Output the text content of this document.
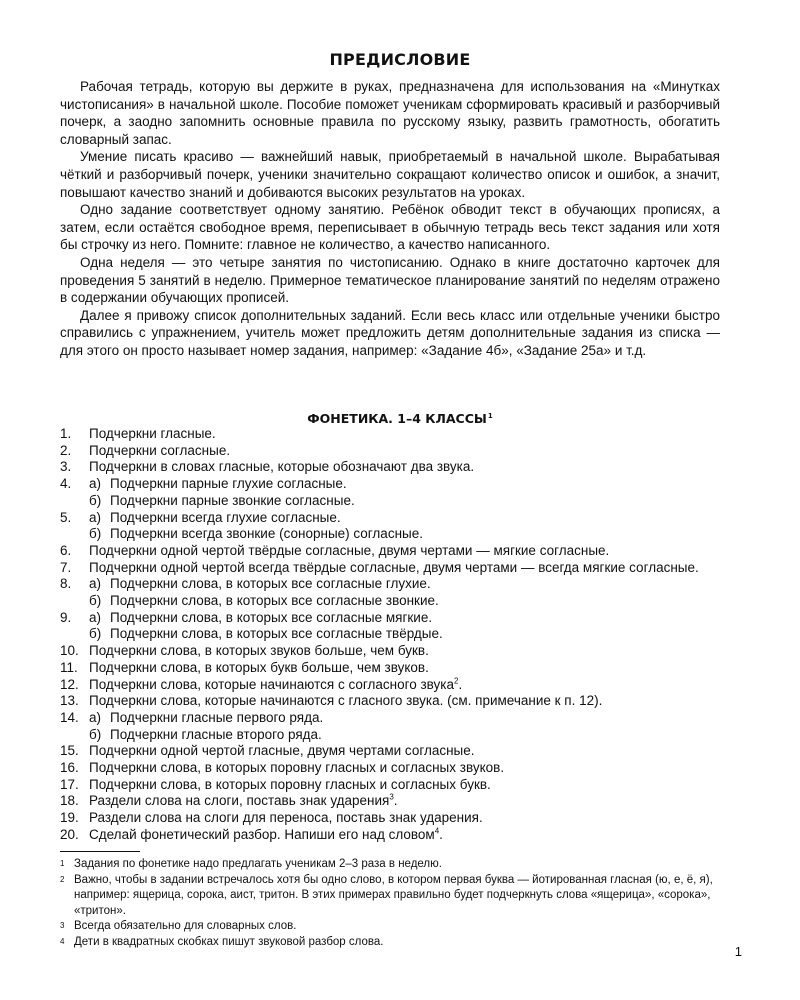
ПРЕДИСЛОВИЕ

Рабочая тетрадь, которую вы держите в руках, предназначена для использования на «Минутках чистописания» в начальной школе. Пособие поможет ученикам сформировать красивый и разборчивый почерк, а заодно запомнить основные правила по русскому языку, развить грамотность, обогатить словарный запас.

Умение писать красиво — важнейший навык, приобретаемый в начальной школе. Вырабатывая чёткий и разборчивый почерк, ученики значительно сокращают количество описок и ошибок, а значит, повышают качество знаний и добиваются высоких результатов на уроках.

Одно задание соответствует одному занятию. Ребёнок обводит текст в обучающих прописях, а затем, если остаётся свободное время, переписывает в обычную тетрадь весь текст задания или хотя бы строчку из него. Помните: главное не количество, а качество написанного.

Одна неделя — это четыре занятия по чистописанию. Однако в книге достаточно карточек для проведения 5 занятий в неделю. Примерное тематическое планирование занятий по неделям отражено в содержании обучающих прописей.

Далее я привожу список дополнительных заданий. Если весь класс или отдельные ученики быстро справились с упражнением, учитель может предложить детям дополнительные задания из списка — для этого он просто называет номер задания, например: «Задание 4б», «Задание 25а» и т.д.

ФОНЕТИКА. 1–4 КЛАССЫ$^1$
1.	Подчеркни гласные.
2.	Подчеркни согласные.
3.	Подчеркни в словах гласные, которые обозначают два звука.
4.	а) Подчеркни парные глухие согласные.
б) Подчеркни парные звонкие согласные.
5.	а) Подчеркни всегда глухие согласные.
б) Подчеркни всегда звонкие (сонорные) согласные.
6.	Подчеркни одной чертой твёрдые согласные, двумя чертами — мягкие согласные.
7.	Подчеркни одной чертой всегда твёрдые согласные, двумя чертами — всегда мягкие согласные.
8.	а) Подчеркни слова, в которых все согласные глухие.
б) Подчеркни слова, в которых все согласные звонкие.
9.	а) Подчеркни слова, в которых все согласные мягкие.
б) Подчеркни слова, в которых все согласные твёрдые.
10. Подчеркни слова, в которых звуков больше, чем букв.
11. Подчеркни слова, в которых букв больше, чем звуков.
12. Подчеркни слова, которые начинаются с согласного звука$^2$.
13. Подчеркни слова, которые начинаются с гласного звука. (см. примечание к п. 12).
14. а) Подчеркни гласные первого ряда.
б) Подчеркни гласные второго ряда.
15. Подчеркни одной чертой гласные, двумя чертами согласные.
16. Подчеркни слова, в которых поровну гласных и согласных звуков.
17. Подчеркни слова, в которых поровну гласных и согласных букв.
18. Раздели слова на слоги, поставь знак ударения$^3$.
19. Раздели слова на слоги для переноса, поставь знак ударения.
20. Сделай фонетический разбор. Напиши его над словом$^4$.
1 Задания по фонетике надо предлагать ученикам 2–3 раза в неделю.
2 Важно, чтобы в задании встречалось хотя бы одно слово, в котором первая буква — йотированная гласная (ю, е, ё, я), например: ящерица, сорока, аист, тритон. В этих примерах правильно будет подчеркнуть слова «ящерица», «сорока», «тритон».
3 Всегда обязательно для словарных слов.
4 Дети в квадратных скобках пишут звуковой разбор слова.
1
